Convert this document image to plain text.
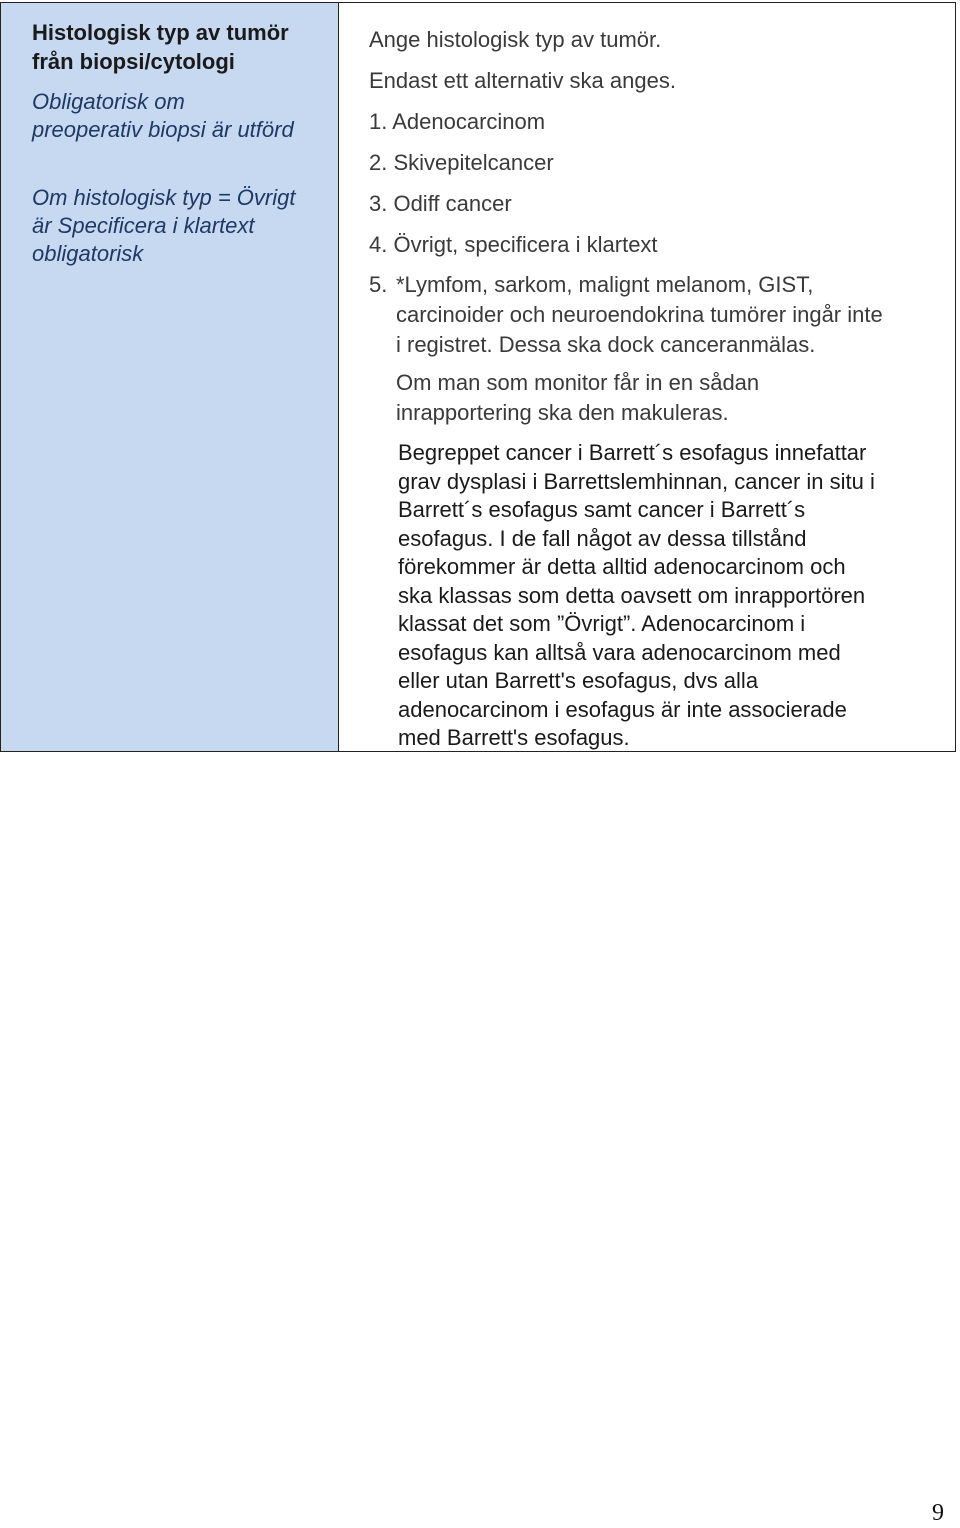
Histologisk typ av tumör

från biopsi/cytologi

Obligatorisk om

preoperativ biopsi är utförd

Om histologisk typ = Övrigt

är Specificera i klartext

obligatorisk

Ange histologisk typ av tumör.

Endast ett alternativ ska anges.

1. Adenocarcinom

2. Skivepitelcancer

3. Odiff cancer

4. Övrigt, specificera i klartext

5. *Lymfom, sarkom, malignt melanom, GIST,
carcinoider och neuroendokrina tumörer ingår inte
i registret. Dessa ska dock canceranmälas.
Om man som monitor får in en sådan
inrapportering ska den makuleras.
Begreppet cancer i Barrett´s esofagus innefattar
grav dysplasi i Barrettslemhinnan, cancer in situ i
Barrett´s esofagus samt cancer i Barrett´s
esofagus. I de fall något av dessa tillstånd
förekommer är detta alltid adenocarcinom och
ska klassas som detta oavsett om inrapportören
klassat det som ”Övrigt”. Adenocarcinom i
esofagus kan alltså vara adenocarcinom med
eller utan Barrett's esofagus, dvs alla
adenocarcinom i esofagus är inte associerade
med Barrett's esofagus.
9
